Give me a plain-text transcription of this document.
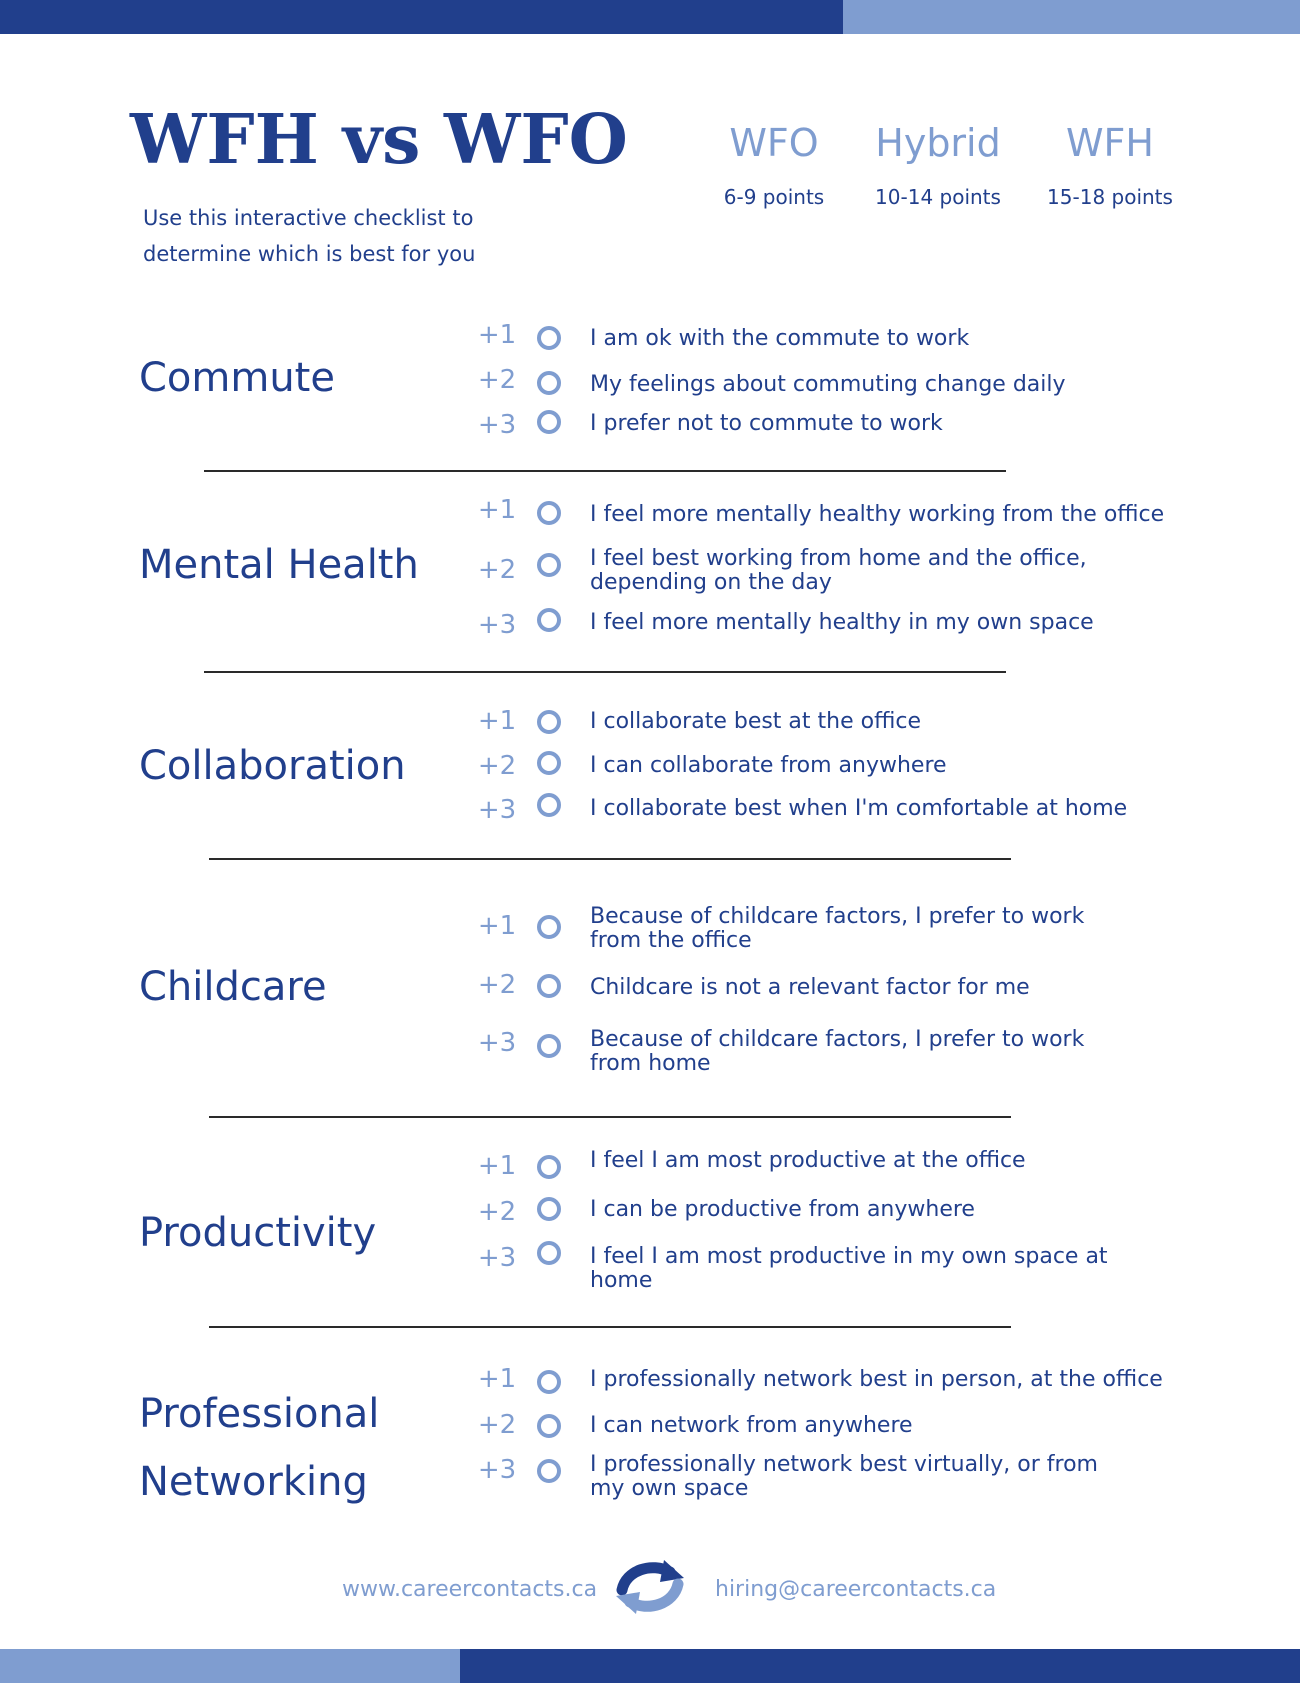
WFH vs WFO
Use this interactive checklist to
determine which is best for you
WFO
6-9 points
Hybrid
10-14 points
WFH
15-18 points
Commute
+1	I am ok with the commute to work
+2	My feelings about commuting change daily
+3	I prefer not to commute to work
Mental Health
+1	I feel more mentally healthy working from the office
+2	I feel best working from home and the office, depending on the day
+3	I feel more mentally healthy in my own space
Collaboration
+1	I collaborate best at the office
+2	I can collaborate from anywhere
+3	I collaborate best when I'm comfortable at home
Childcare
+1	Because of childcare factors, I prefer to work from the office
+2	Childcare is not a relevant factor for me
+3	Because of childcare factors, I prefer to work from home
Productivity
+1	I feel I am most productive at the office
+2	I can be productive from anywhere
+3	I feel I am most productive in my own space at home
Professional
Networking
+1	I professionally network best in person, at the office
+2	I can network from anywhere
+3	I professionally network best virtually, or from my own space
www.careercontacts.ca	hiring@careercontacts.ca
